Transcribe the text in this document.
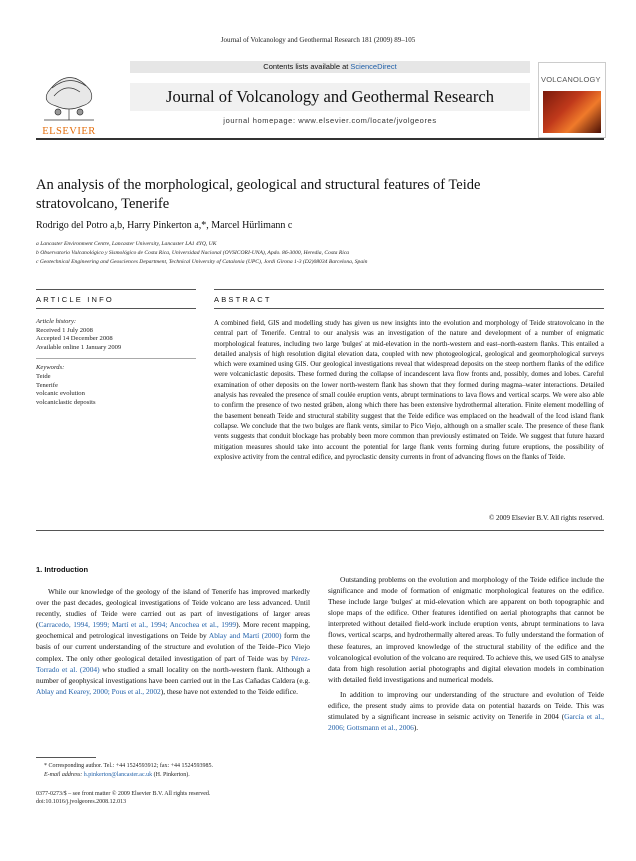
Journal of Volcanology and Geothermal Research 181 (2009) 89–105
ELSEVIER
Contents lists available at ScienceDirect
Journal of Volcanology and Geothermal Research
journal homepage: www.elsevier.com/locate/jvolgeores
VOLCANOLOGY
An analysis of the morphological, geological and structural features of Teide stratovolcano, Tenerife
Rodrigo del Potro a,b, Harry Pinkerton a,*, Marcel Hürlimann c
a Lancaster Environment Centre, Lancaster University, Lancaster LA1 4YQ, UK
b Observatorio Vulcanológico y Sismológico de Costa Rica, Universidad Nacional (OVSICORI-UNA), Apdo. 86-3000, Heredia, Costa Rica
c Geotechnical Engineering and Geosciences Department, Technical University of Catalonia (UPC), Jordi Girona 1-3 (D2)08034 Barcelona, Spain
ARTICLE INFO
Article history:
Received 1 July 2008
Accepted 14 December 2008
Available online 1 January 2009
Keywords:
Teide
Tenerife
volcanic evolution
volcaniclastic deposits
ABSTRACT
A combined field, GIS and modelling study has given us new insights into the evolution and morphology of Teide stratovolcano in the central part of Tenerife. Central to our analysis was an investigation of the nature and development of a number of enigmatic morphological features, including two large 'bulges' at mid-elevation in the north-western and east–north-eastern flanks. This entailed a detailed analysis of high resolution digital elevation data, coupled with new photogeological, geological and geomorphological surveys which were examined using GIS. Our geological investigations reveal that widespread deposits on the steep northern flanks of the edifice were volcaniclastic deposits. These formed during the collapse of incandescent lava flow fronts and, possibly, domes and lobes. Careful examination of other deposits on the lower north-western flank has shown that they formed during magma–water interactions. Detailed analysis has revealed the presence of small coulée eruption vents, abrupt terminations to lava flows and vertical scarps. We were also able to confirm the presence of two nested gräben, along which there has been extensive hydrothermal alteration. Finite element modelling of the basement beneath Teide and structural stability suggest that the Teide edifice was emplaced on the headwall of the Icod island flank collapse. We conclude that the two bulges are flank vents, similar to Pico Viejo, although on a smaller scale. The presence of these flank vents suggests that conduit blockage has probably been more common than previously estimated on Teide. We suggest that future hazard mitigation measures should take into account the potential for large flank vents forming during future eruptions, the possibility of explosive activity from the central edifice, and pyroclastic density currents in front of advancing flows on the flanks of Teide.
© 2009 Elsevier B.V. All rights reserved.
1. Introduction

While our knowledge of the geology of the island of Tenerife has improved markedly over the past decades, geological investigations of Teide volcano are less advanced. Until recently, studies of Teide were carried out as part of investigations of larger areas (Carracedo, 1994, 1999; Martí et al., 1994; Ancochea et al., 1999). More recent mapping, geochemical and petrological investigations on Teide by Ablay and Martí (2000) form the basis of our current understanding of the structure and evolution of the Teide–Pico Viejo complex. The only other geological detailed investigation of part of Teide was by Pérez-Torrado et al. (2004) who studied a small locality on the north-western flank. Although a number of geophysical investigations have been carried out in the Las Cañadas Caldera (e.g. Ablay and Kearey, 2000; Pous et al., 2002), these have not extended to the Teide edifice.

Outstanding problems on the evolution and morphology of the Teide edifice include the significance and mode of formation of enigmatic morphological features on the edifice. These include large 'bulges' at mid-elevation which are apparent on both topographic and slope maps of the edifice. Other features identified on aerial photographs that cannot be interpreted without detailed field-work include eruption vents, abrupt terminations to lava flows, vertical scarps, and hydrothermally altered areas. To fully understand the formation of these features, an improved knowledge of the structural stability of the edifice and the volcanological evolution of the volcano are required. To achieve this, we used GIS to analyse data from high resolution aerial photographs and digital elevation models in combination with detailed field investigations and numerical models.

In addition to improving our understanding of the structure and evolution of Teide edifice, the present study aims to provide data on potential hazards on Teide. This was stimulated by a significant increase in seismic activity on Tenerife in 2004 (García et al., 2006; Gottsmann et al., 2006).

* Corresponding author. Tel.: +44 1524593912; fax: +44 1524593985.
E-mail address: h.pinkerton@lancaster.ac.uk (H. Pinkerton).
0377-0273/$ – see front matter © 2009 Elsevier B.V. All rights reserved.
doi:10.1016/j.jvolgeores.2008.12.013
